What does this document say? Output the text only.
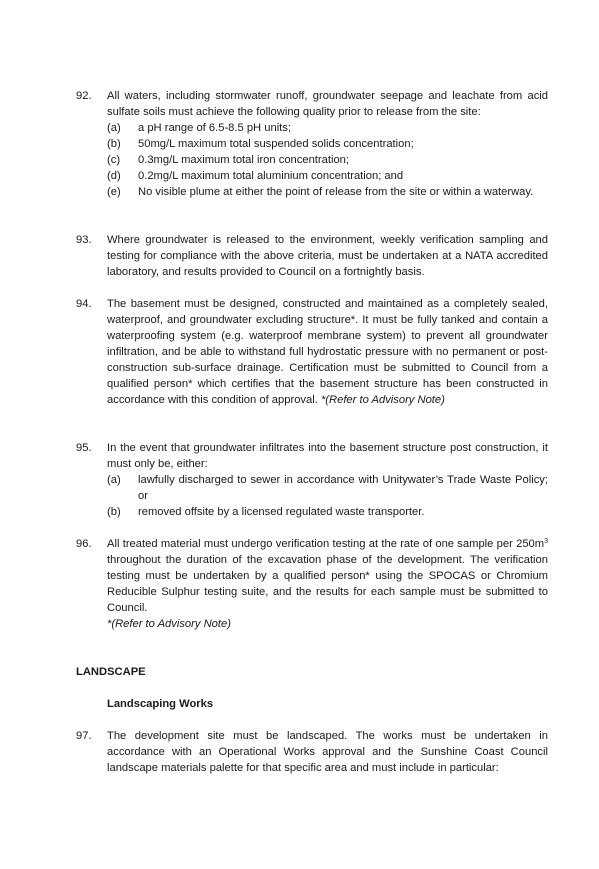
92.	All waters, including stormwater runoff, groundwater seepage and leachate from acid sulfate soils must achieve the following quality prior to release from the site:

(a) a pH range of 6.5-8.5 pH units;
(b) 50mg/L maximum total suspended solids concentration;
(c) 0.3mg/L maximum total iron concentration;
(d) 0.2mg/L maximum total aluminium concentration; and
(e) No visible plume at either the point of release from the site or within a waterway.
93.	Where groundwater is released to the environment, weekly verification sampling and testing for compliance with the above criteria, must be undertaken at a NATA accredited laboratory, and results provided to Council on a fortnightly basis.

94.	The basement must be designed, constructed and maintained as a completely sealed, waterproof, and groundwater excluding structure*. It must be fully tanked and contain a waterproofing system (e.g. waterproof membrane system) to prevent all groundwater infiltration, and be able to withstand full hydrostatic pressure with no permanent or post-construction sub-surface drainage. Certification must be submitted to Council from a qualified person* which certifies that the basement structure has been constructed in accordance with this condition of approval. *(Refer to Advisory Note)

95.	In the event that groundwater infiltrates into the basement structure post construction, it must only be, either:

(a) lawfully discharged to sewer in accordance with Unitywater’s Trade Waste Policy; or
(b) removed offsite by a licensed regulated waste transporter.
96.	All treated material must undergo verification testing at the rate of one sample per $250m^3$ throughout the duration of the excavation phase of the development. The verification testing must be undertaken by a qualified person* using the SPOCAS or Chromium Reducible Sulphur testing suite, and the results for each sample must be submitted to Council.

*(Refer to Advisory Note)

LANDSCAPE
Landscaping Works
97.	The development site must be landscaped. The works must be undertaken in accordance with an Operational Works approval and the Sunshine Coast Council landscape materials palette for that specific area and must include in particular:
